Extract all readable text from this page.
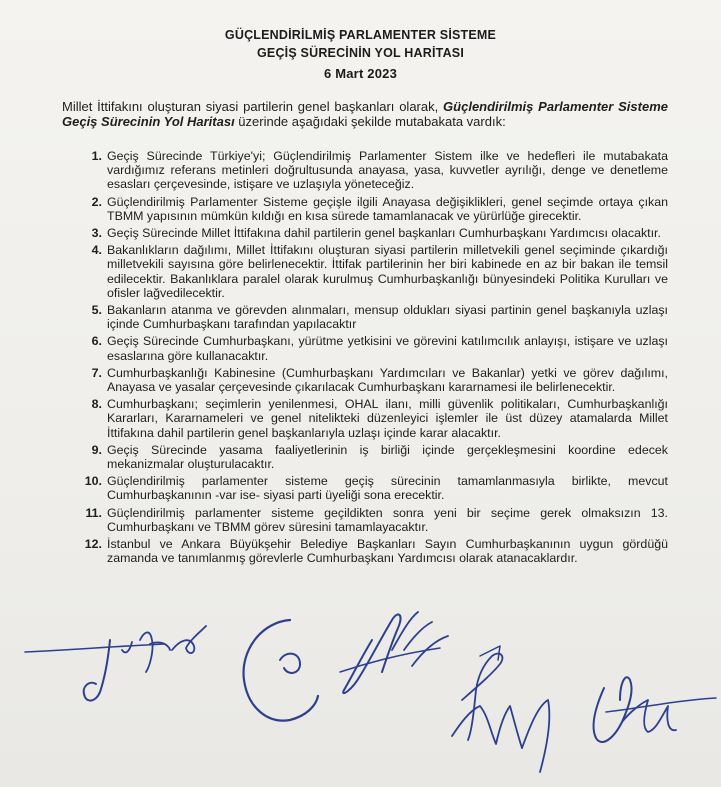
GÜÇLENDİRİLMİŞ PARLAMENTER SİSTEME
GEÇİŞ SÜRECİNİN YOL HARİTASI
6 Mart 2023

Millet İttifakını oluşturan siyasi partilerin genel başkanları olarak, Güçlendirilmiş Parlamenter Sisteme Geçiş Sürecinin Yol Haritası üzerinde aşağıdaki şekilde mutabakata vardık:

1. Geçiş Sürecinde Türkiye'yi; Güçlendirilmiş Parlamenter Sistem ilke ve hedefleri ile mutabakata vardığımız referans metinleri doğrultusunda anayasa, yasa, kuvvetler ayrılığı, denge ve denetleme esasları çerçevesinde, istişare ve uzlaşıyla yöneteceğiz.
2. Güçlendirilmiş Parlamenter Sisteme geçişle ilgili Anayasa değişiklikleri, genel seçimde ortaya çıkan TBMM yapısının mümkün kıldığı en kısa sürede tamamlanacak ve yürürlüğe girecektir.
3. Geçiş Sürecinde Millet İttifakına dahil partilerin genel başkanları Cumhurbaşkanı Yardımcısı olacaktır.
4. Bakanlıkların dağılımı, Millet İttifakını oluşturan siyasi partilerin milletvekili genel seçiminde çıkardığı milletvekili sayısına göre belirlenecektir. İttifak partilerinin her biri kabinede en az bir bakan ile temsil edilecektir. Bakanlıklara paralel olarak kurulmuş Cumhurbaşkanlığı bünyesindeki Politika Kurulları ve ofisler lağvedilecektir.
5. Bakanların atanma ve görevden alınmaları, mensup oldukları siyasi partinin genel başkanıyla uzlaşı içinde Cumhurbaşkanı tarafından yapılacaktır
6. Geçiş Sürecinde Cumhurbaşkanı, yürütme yetkisini ve görevini katılımcılık anlayışı, istişare ve uzlaşı esaslarına göre kullanacaktır.
7. Cumhurbaşkanlığı Kabinesine (Cumhurbaşkanı Yardımcıları ve Bakanlar) yetki ve görev dağılımı, Anayasa ve yasalar çerçevesinde çıkarılacak Cumhurbaşkanı kararnamesi ile belirlenecektir.
8. Cumhurbaşkanı; seçimlerin yenilenmesi, OHAL ilanı, milli güvenlik politikaları, Cumhurbaşkanlığı Kararları, Kararnameleri ve genel nitelikteki düzenleyici işlemler ile üst düzey atamalarda Millet İttifakına dahil partilerin genel başkanlarıyla uzlaşı içinde karar alacaktır.
9. Geçiş Sürecinde yasama faaliyetlerinin iş birliği içinde gerçekleşmesini koordine edecek mekanizmalar oluşturulacaktır.
10. Güçlendirilmiş parlamenter sisteme geçiş sürecinin tamamlanmasıyla birlikte, mevcut Cumhurbaşkanının -var ise- siyasi parti üyeliği sona erecektir.
11. Güçlendirilmiş parlamenter sisteme geçildikten sonra yeni bir seçime gerek olmaksızın 13. Cumhurbaşkanı ve TBMM görev süresini tamamlayacaktır.
12. İstanbul ve Ankara Büyükşehir Belediye Başkanları Sayın Cumhurbaşkanının uygun gördüğü zamanda ve tanımlanmış görevlerle Cumhurbaşkanı Yardımcısı olarak atanacaklardır.
